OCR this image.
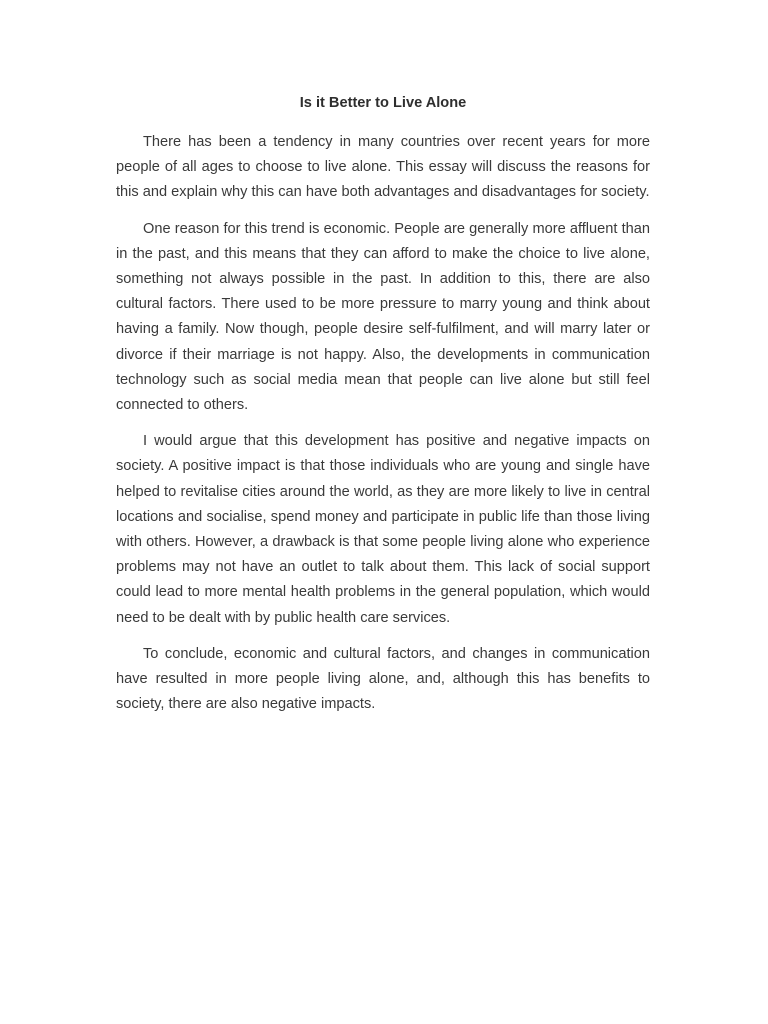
Is it Better to Live Alone

There has been a tendency in many countries over recent years for more people of all ages to choose to live alone. This essay will discuss the reasons for this and explain why this can have both advantages and disadvantages for society.

One reason for this trend is economic. People are generally more affluent than in the past, and this means that they can afford to make the choice to live alone, something not always possible in the past. In addition to this, there are also cultural factors. There used to be more pressure to marry young and think about having a family. Now though, people desire self-fulfilment, and will marry later or divorce if their marriage is not happy. Also, the developments in communication technology such as social media mean that people can live alone but still feel connected to others.

I would argue that this development has positive and negative impacts on society. A positive impact is that those individuals who are young and single have helped to revitalise cities around the world, as they are more likely to live in central locations and socialise, spend money and participate in public life than those living with others. However, a drawback is that some people living alone who experience problems may not have an outlet to talk about them. This lack of social support could lead to more mental health problems in the general population, which would need to be dealt with by public health care services.

To conclude, economic and cultural factors, and changes in communication have resulted in more people living alone, and, although this has benefits to society, there are also negative impacts.
